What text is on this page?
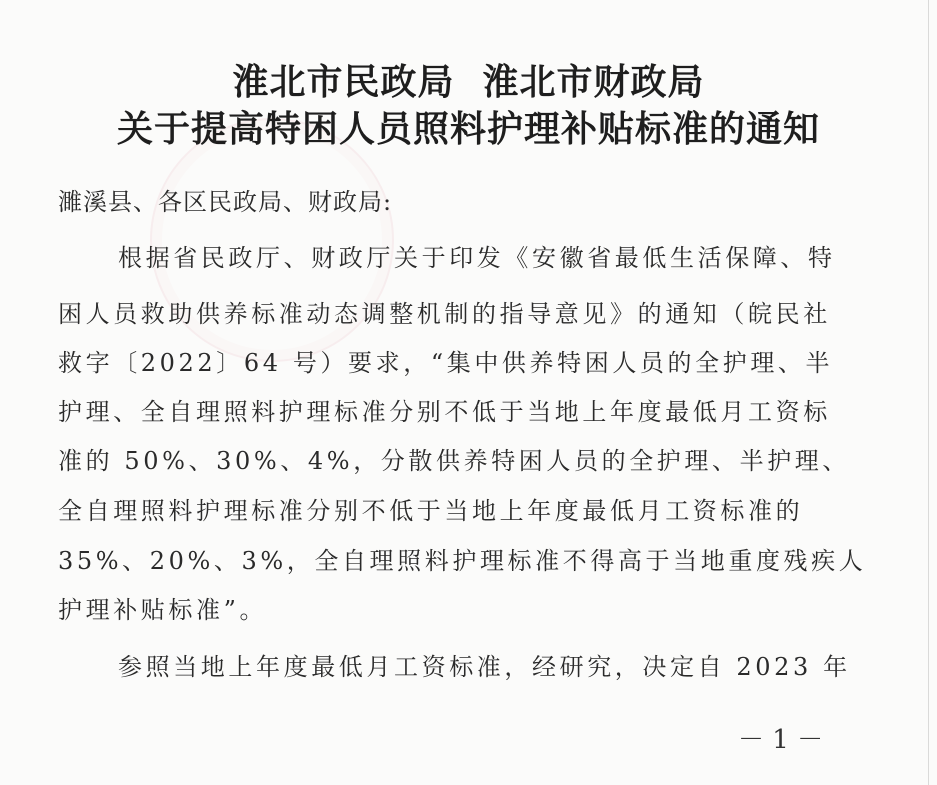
淮北市民政局 淮北市财政局
关于提高特困人员照料护理补贴标准的通知
濉溪县、各区民政局、财政局:
根据省民政厅、财政厅关于印发《安徽省最低生活保障、特
困人员救助供养标准动态调整机制的指导意见》的通知（皖民社
救字〔2022〕64 号）要求，“集中供养特困人员的全护理、半
护理、全自理照料护理标准分别不低于当地上年度最低月工资标
准的 50%、30%、4%，分散供养特困人员的全护理、半护理、
全自理照料护理标准分别不低于当地上年度最低月工资标准的
35%、20%、3%，全自理照料护理标准不得高于当地重度残疾人
护理补贴标准”。
参照当地上年度最低月工资标准，经研究，决定自 2023 年
－ 1 －
